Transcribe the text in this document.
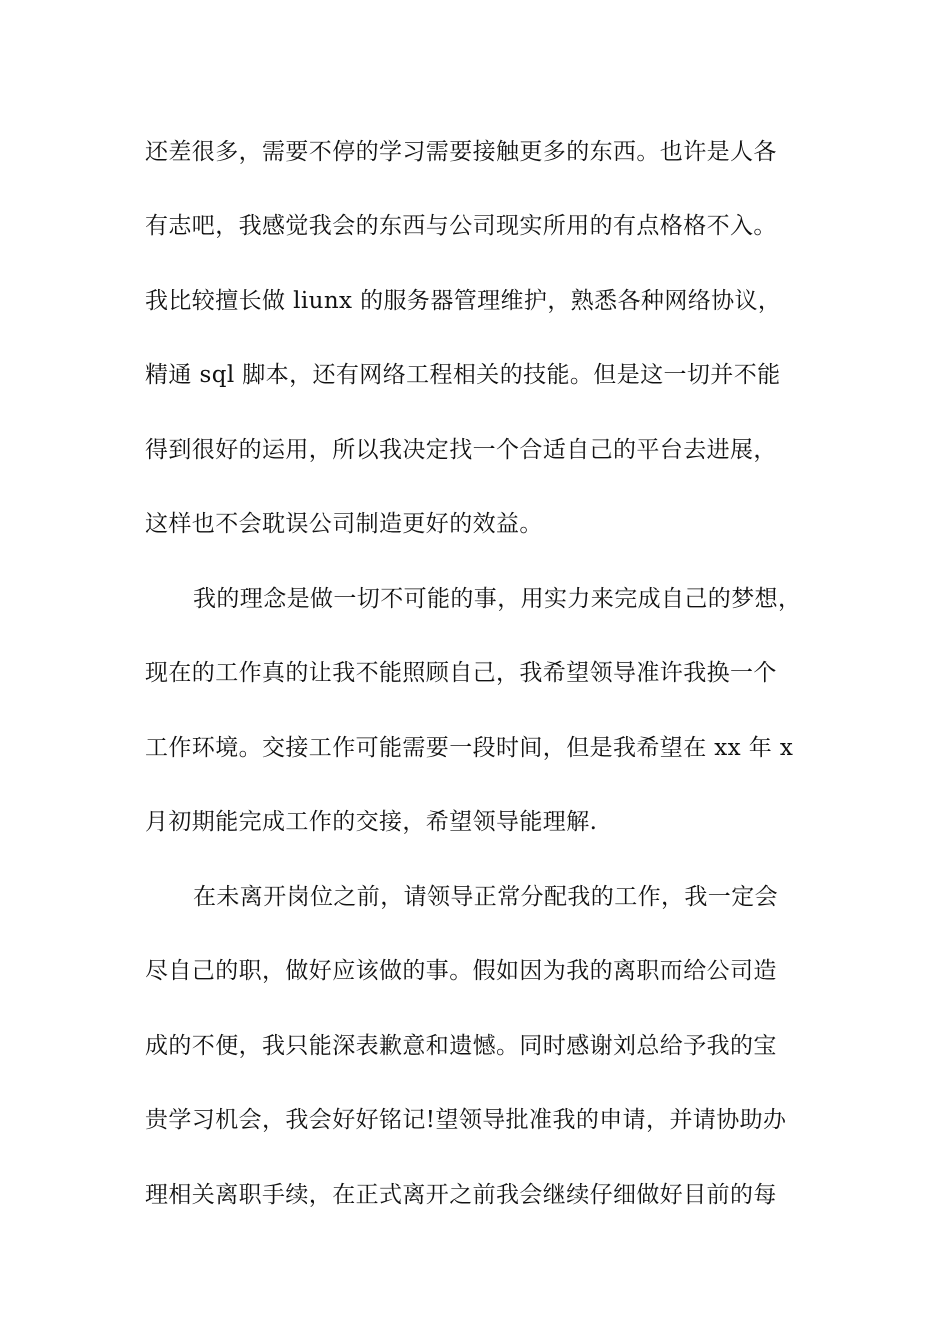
还差很多，需要不停的学习需要接触更多的东西。也许是人各
有志吧，我感觉我会的东西与公司现实所用的有点格格不入。
我比较擅长做 liunx 的服务器管理维护，熟悉各种网络协议，
精通 sql 脚本，还有网络工程相关的技能。但是这一切并不能
得到很好的运用，所以我决定找一个合适自己的平台去进展，
这样也不会耽误公司制造更好的效益。
我的理念是做一切不可能的事，用实力来完成自己的梦想，
现在的工作真的让我不能照顾自己，我希望领导准许我换一个
工作环境。交接工作可能需要一段时间，但是我希望在 xx 年 x
月初期能完成工作的交接，希望领导能理解.
在未离开岗位之前，请领导正常分配我的工作，我一定会
尽自己的职，做好应该做的事。假如因为我的离职而给公司造
成的不便，我只能深表歉意和遗憾。同时感谢刘总给予我的宝
贵学习机会，我会好好铭记!望领导批准我的申请，并请协助办
理相关离职手续，在正式离开之前我会继续仔细做好目前的每
